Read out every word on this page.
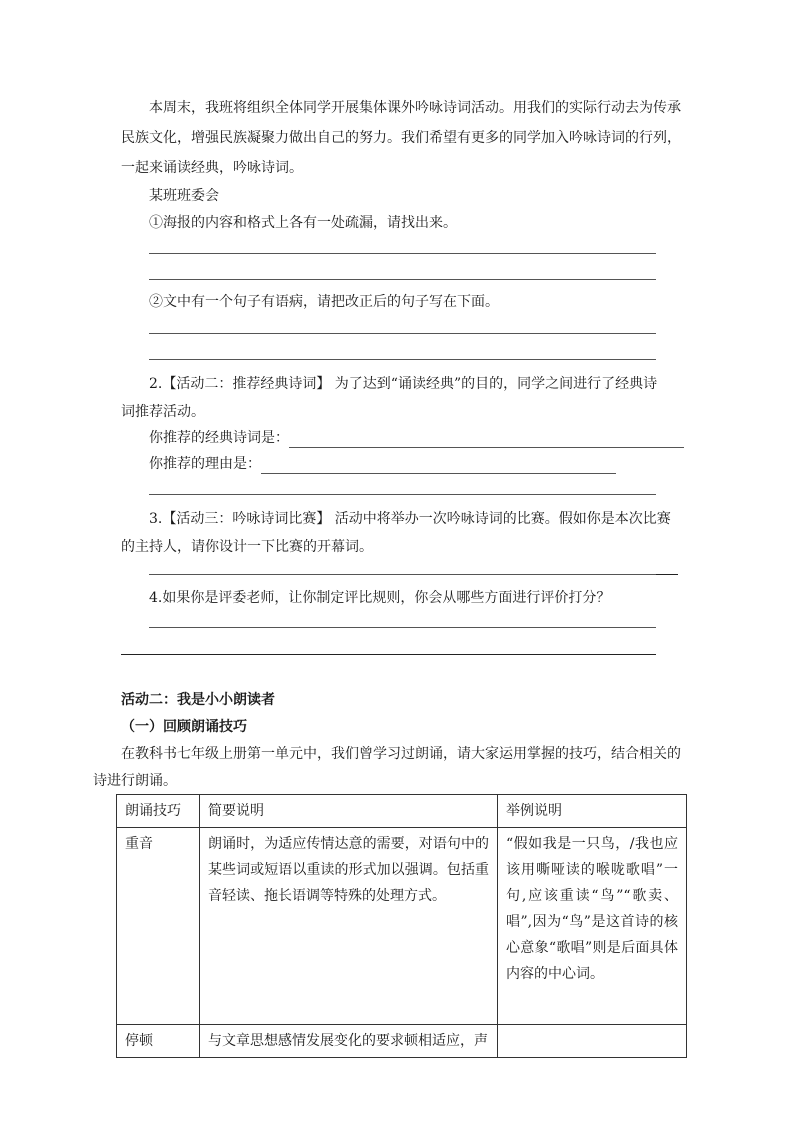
本周末，我班将组织全体同学开展集体课外吟咏诗词活动。用我们的实际行动去为传承
民族文化，增强民族凝聚力做出自己的努力。我们希望有更多的同学加入吟咏诗词的行列，
一起来诵读经典，吟咏诗词。
某班班委会
①海报的内容和格式上各有一处疏漏，请找出来。
②文中有一个句子有语病，请把改正后的句子写在下面。
2.【活动二：推荐经典诗词】 为了达到“诵读经典”的目的，同学之间进行了经典诗
词推荐活动。
你推荐的经典诗词是：
你推荐的理由是：
3.【活动三：吟咏诗词比赛】 活动中将举办一次吟咏诗词的比赛。假如你是本次比赛
的主持人，请你设计一下比赛的开幕词。
4.如果你是评委老师，让你制定评比规则，你会从哪些方面进行评价打分？
活动二：我是小小朗读者
（一）回顾朗诵技巧
在教科书七年级上册第一单元中，我们曾学习过朗诵，请大家运用掌握的技巧，结合相关的
诗进行朗诵。
朗诵技巧	简要说明	举例说明
重音	朗诵时，为适应传情达意的需要，对语句中的某些词或短语以重读的形式加以强调。包括重音轻读、拖长语调等特殊的处理方式。	“假如我是一只鸟，/我也应该用嘶哑读的喉咙歌唱”一句,应该重读“鸟”“歌卖、唱”,因为“鸟”是这首诗的核心意象“歌唱”则是后面具体内容的中心词。
停顿	与文章思想感情发展变化的要求顿相适应，声	
